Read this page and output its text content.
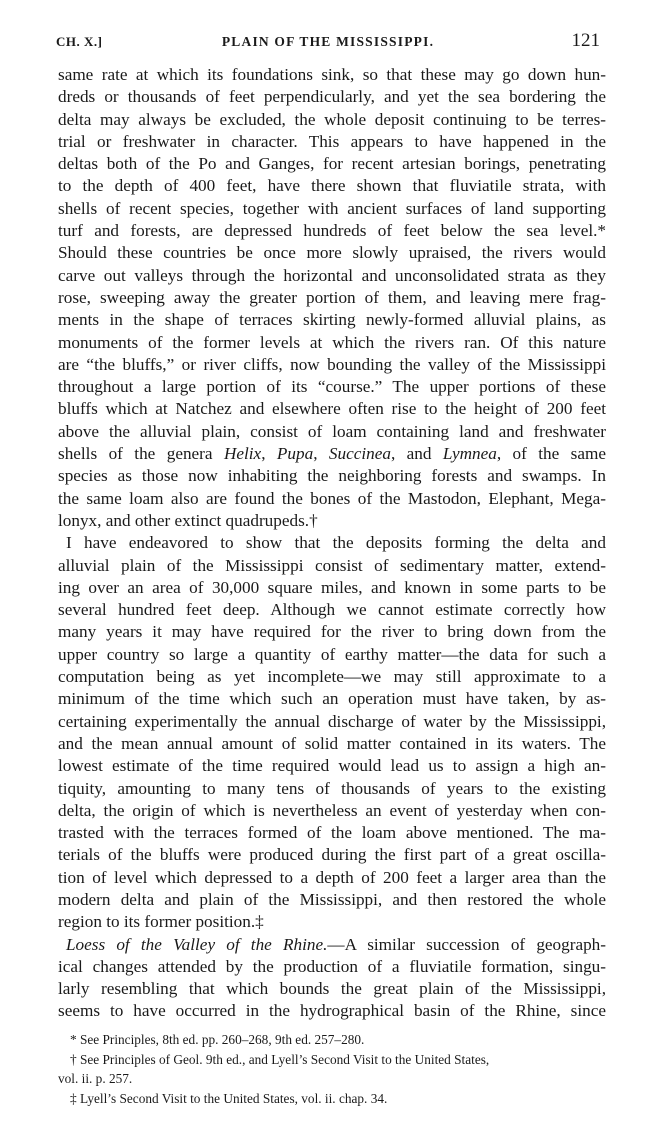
CH. X.]	PLAIN OF THE MISSISSIPPI.	121
same rate at which its foundations sink, so that these may go down hun-
dreds or thousands of feet perpendicularly, and yet the sea bordering the
delta may always be excluded, the whole deposit continuing to be terres-
trial or freshwater in character. This appears to have happened in the
deltas both of the Po and Ganges, for recent artesian borings, penetrating
to the depth of 400 feet, have there shown that fluviatile strata, with
shells of recent species, together with ancient surfaces of land supporting
turf and forests, are depressed hundreds of feet below the sea level.*
Should these countries be once more slowly upraised, the rivers would
carve out valleys through the horizontal and unconsolidated strata as they
rose, sweeping away the greater portion of them, and leaving mere frag-
ments in the shape of terraces skirting newly-formed alluvial plains, as
monuments of the former levels at which the rivers ran. Of this nature
are “the bluffs,” or river cliffs, now bounding the valley of the Mississippi
throughout a large portion of its “course.” The upper portions of these
bluffs which at Natchez and elsewhere often rise to the height of 200 feet
above the alluvial plain, consist of loam containing land and freshwater
shells of the genera Helix, Pupa, Succinea, and Lymnea, of the same
species as those now inhabiting the neighboring forests and swamps. In
the same loam also are found the bones of the Mastodon, Elephant, Mega-
lonyx, and other extinct quadrupeds.†
I have endeavored to show that the deposits forming the delta and
alluvial plain of the Mississippi consist of sedimentary matter, extend-
ing over an area of 30,000 square miles, and known in some parts to be
several hundred feet deep. Although we cannot estimate correctly how
many years it may have required for the river to bring down from the
upper country so large a quantity of earthy matter—the data for such a
computation being as yet incomplete—we may still approximate to a
minimum of the time which such an operation must have taken, by as-
certaining experimentally the annual discharge of water by the Mississippi,
and the mean annual amount of solid matter contained in its waters. The
lowest estimate of the time required would lead us to assign a high an-
tiquity, amounting to many tens of thousands of years to the existing
delta, the origin of which is nevertheless an event of yesterday when con-
trasted with the terraces formed of the loam above mentioned. The ma-
terials of the bluffs were produced during the first part of a great oscilla-
tion of level which depressed to a depth of 200 feet a larger area than the
modern delta and plain of the Mississippi, and then restored the whole
region to its former position.‡
Loess of the Valley of the Rhine.—A similar succession of geograph-
ical changes attended by the production of a fluviatile formation, singu-
larly resembling that which bounds the great plain of the Mississippi,
seems to have occurred in the hydrographical basin of the Rhine, since
* See Principles, 8th ed. pp. 260–268, 9th ed. 257–280.
† See Principles of Geol. 9th ed., and Lyell’s Second Visit to the United States,
vol. ii. p. 257.
‡ Lyell’s Second Visit to the United States, vol. ii. chap. 34.
